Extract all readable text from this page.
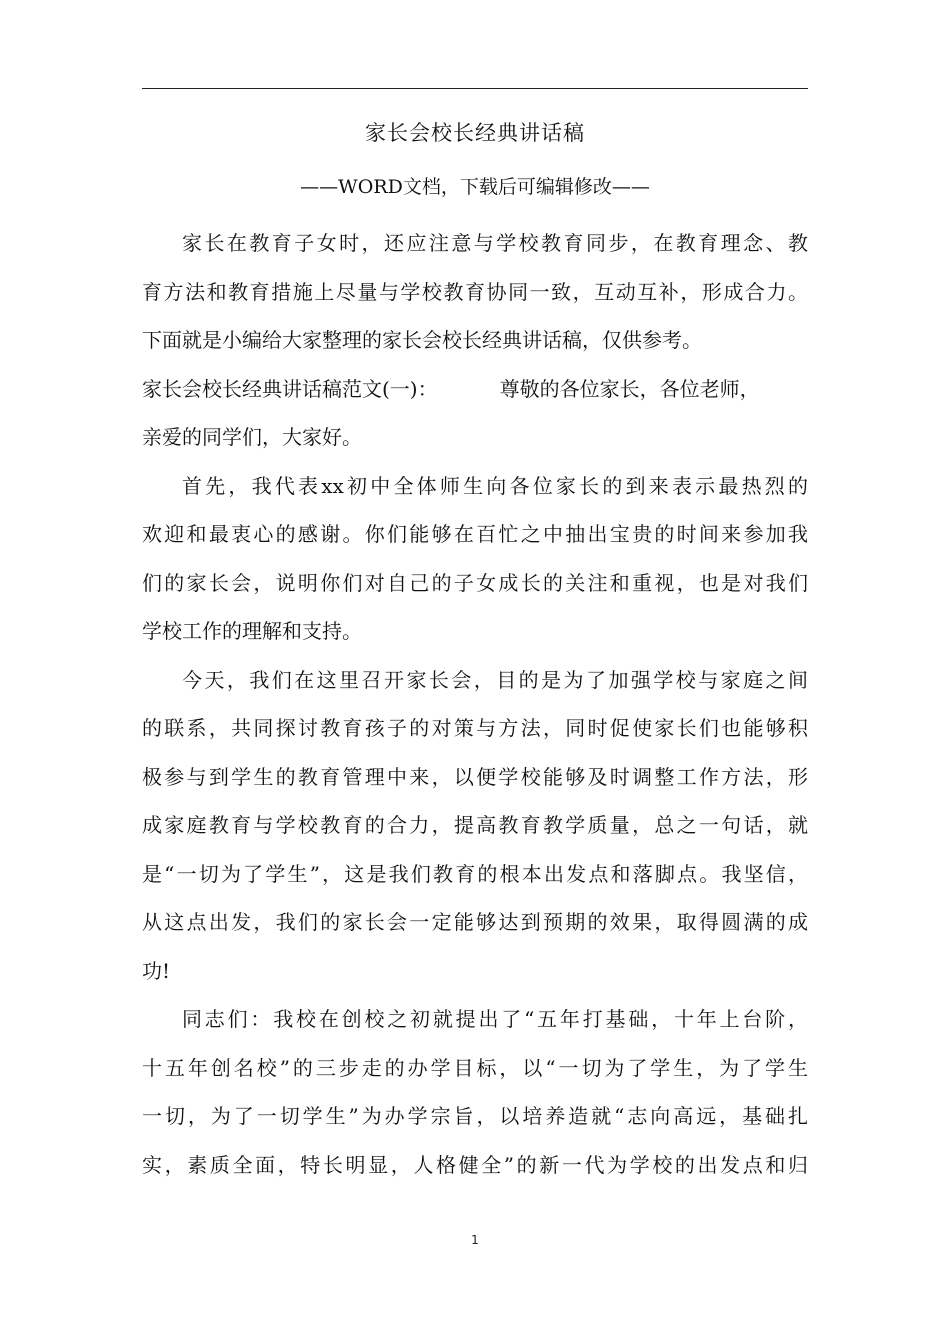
家长会校长经典讲话稿
——WORD文档，下载后可编辑修改——
家长在教育子女时，还应注意与学校教育同步，在教育理念、教
育方法和教育措施上尽量与学校教育协同一致，互动互补，形成合力。
下面就是小编给大家整理的家长会校长经典讲话稿，仅供参考。
家长会校长经典讲话稿范文(一)：	尊敬的各位家长，各位老师，
亲爱的同学们，大家好。
首先，我代表xx初中全体师生向各位家长的到来表示最热烈的
欢迎和最衷心的感谢。你们能够在百忙之中抽出宝贵的时间来参加我
们的家长会，说明你们对自己的子女成长的关注和重视，也是对我们
学校工作的理解和支持。
今天，我们在这里召开家长会，目的是为了加强学校与家庭之间
的联系，共同探讨教育孩子的对策与方法，同时促使家长们也能够积
极参与到学生的教育管理中来，以便学校能够及时调整工作方法，形
成家庭教育与学校教育的合力，提高教育教学质量，总之一句话，就
是“一切为了学生”，这是我们教育的根本出发点和落脚点。我坚信，
从这点出发，我们的家长会一定能够达到预期的效果，取得圆满的成
功!
同志们：我校在创校之初就提出了“五年打基础，十年上台阶，
十五年创名校”的三步走的办学目标，以“一切为了学生，为了学生
一切，为了一切学生”为办学宗旨，以培养造就“志向高远，基础扎
实，素质全面，特长明显，人格健全”的新一代为学校的出发点和归
1
